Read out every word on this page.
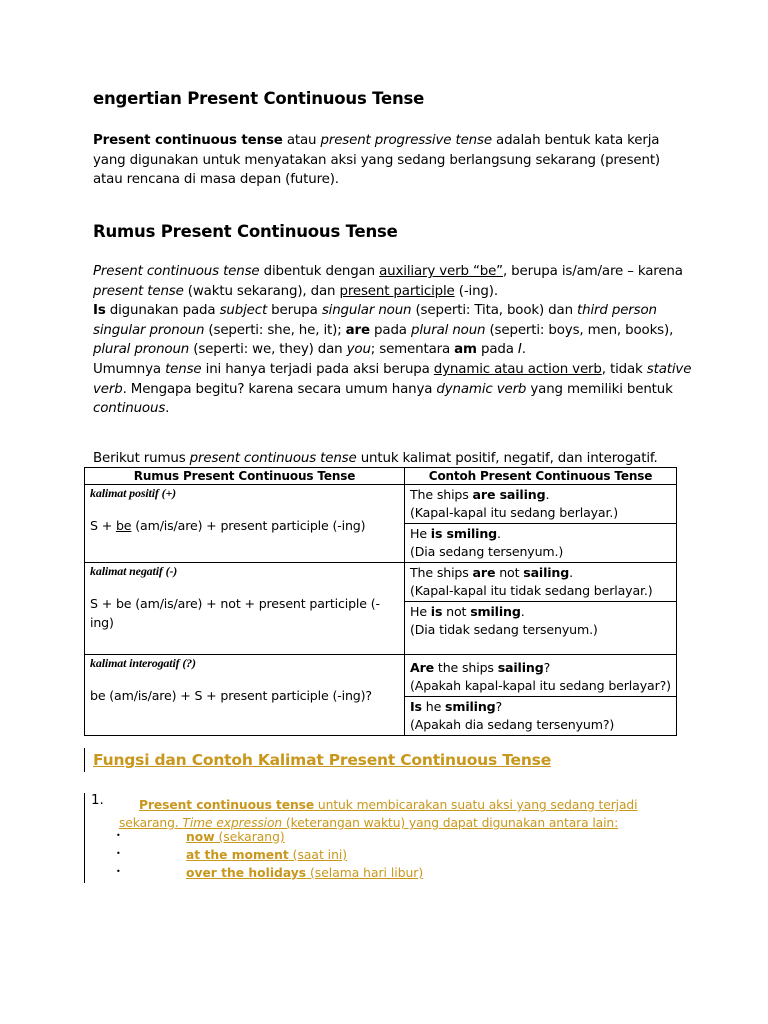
engertian Present Continuous Tense
Present continuous tense atau present progressive tense adalah bentuk kata kerja yang digunakan untuk menyatakan aksi yang sedang berlangsung sekarang (present) atau rencana di masa depan (future).
Rumus Present Continuous Tense
Present continuous tense dibentuk dengan auxiliary verb “be”, berupa is/am/are – karena present tense (waktu sekarang), dan present participle (-ing).
Is digunakan pada subject berupa singular noun (seperti: Tita, book) dan third person singular pronoun (seperti: she, he, it); are pada plural noun (seperti: boys, men, books), plural pronoun (seperti: we, they) dan you; sementara am pada I.
Umumnya tense ini hanya terjadi pada aksi berupa dynamic atau action verb, tidak stative verb. Mengapa begitu? karena secara umum hanya dynamic verb yang memiliki bentuk continuous.
Berikut rumus present continuous tense untuk kalimat positif, negatif, dan interogatif.
Rumus Present Continuous Tense	Contoh Present Continuous Tense

kalimat positif (+)
S + be (am/is/are) + present participle (-ing)	The ships are sailing.
(Kapal-kapal itu sedang berlayar.)
	He is smiling.
(Dia sedang tersenyum.)

kalimat negatif (-)
S + be (am/is/are) + not + present participle (-ing)	The ships are not sailing.
(Kapal-kapal itu tidak sedang berlayar.)
	He is not smiling.
(Dia tidak sedang tersenyum.)

kalimat interogatif (?)
be (am/is/are) + S + present participle (-ing)?	Are the ships sailing?
(Apakah kapal-kapal itu sedang berlayar?)
	Is he smiling?
(Apakah dia sedang tersenyum?)
Fungsi dan Contoh Kalimat Present Continuous Tense
1.	Present continuous tense untuk membicarakan suatu aksi yang sedang terjadi sekarang. Time expression (keterangan waktu) yang dapat digunakan antara lain:
•	now (sekarang)
•	at the moment (saat ini)
•	over the holidays (selama hari libur)
